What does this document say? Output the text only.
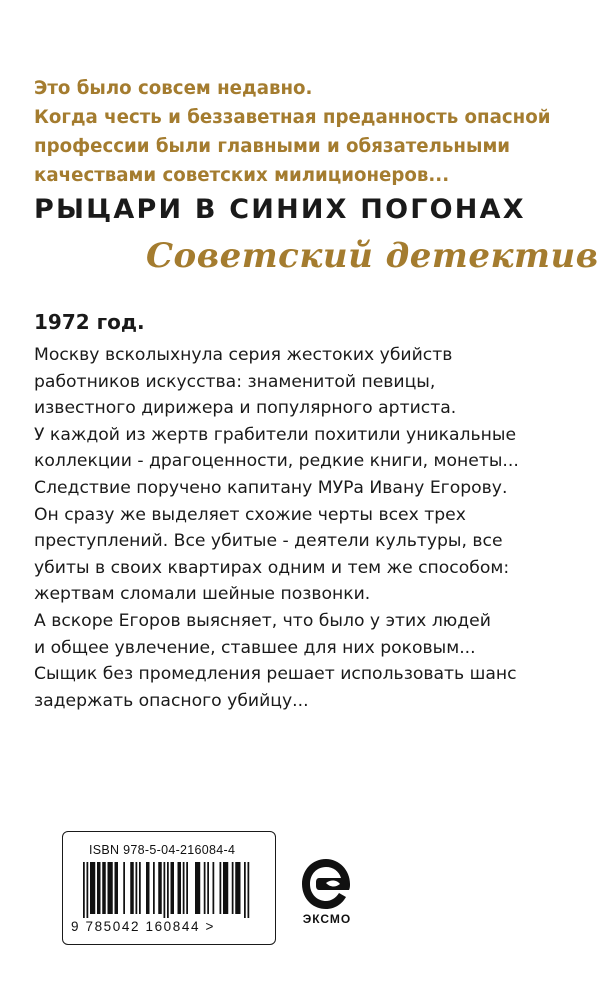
Это было совсем недавно.
Когда честь и беззаветная преданность опасной
профессии были главными и обязательными
качествами советских милиционеров...
РЫЦАРИ В СИНИХ ПОГОНАХ
Советский детектив
1972 год.
Москву всколыхнула серия жестоких убийств
работников искусства: знаменитой певицы,
известного дирижера и популярного артиста.
У каждой из жертв грабители похитили уникальные
коллекции - драгоценности, редкие книги, монеты...
Следствие поручено капитану МУРа Ивану Егорову.
Он сразу же выделяет схожие черты всех трех
преступлений. Все убитые - деятели культуры, все
убиты в своих квартирах одним и тем же способом:
жертвам сломали шейные позвонки.
А вскоре Егоров выясняет, что было у этих людей
и общее увлечение, ставшее для них роковым...
Сыщик без промедления решает использовать шанс
задержать опасного убийцу...
ISBN 978-5-04-216084-4
9 785042 160844 >	ЭКСМО
